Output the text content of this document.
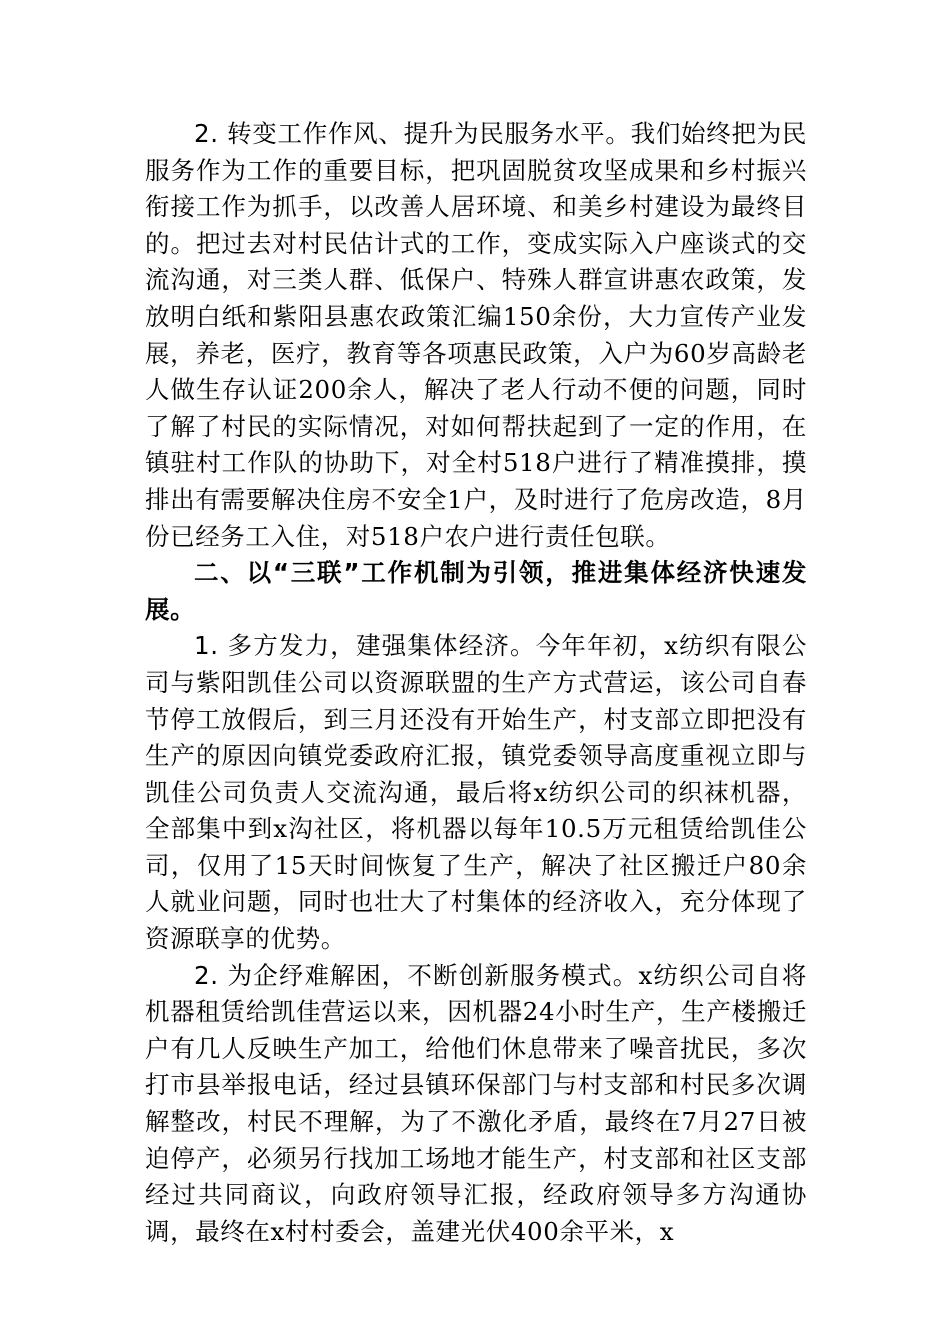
2. 转变工作作风、提升为民服务水平。我们始终把为民服务作为工作的重要目标，把巩固脱贫攻坚成果和乡村振兴衔接工作为抓手，以改善人居环境、和美乡村建设为最终目的。把过去对村民估计式的工作，变成实际入户座谈式的交流沟通，对三类人群、低保户、特殊人群宣讲惠农政策，发放明白纸和紫阳县惠农政策汇编150余份，大力宣传产业发展，养老，医疗，教育等各项惠民政策，入户为60岁高龄老人做生存认证200余人，解决了老人行动不便的问题，同时了解了村民的实际情况，对如何帮扶起到了一定的作用，在镇驻村工作队的协助下，对全村518户进行了精准摸排，摸排出有需要解决住房不安全1户，及时进行了危房改造，8月份已经务工入住，对518户农户进行责任包联。

二、以“三联”工作机制为引领，推进集体经济快速发展。

1. 多方发力，建强集体经济。今年年初，x纺织有限公司与紫阳凯佳公司以资源联盟的生产方式营运，该公司自春节停工放假后，到三月还没有开始生产，村支部立即把没有生产的原因向镇党委政府汇报，镇党委领导高度重视立即与凯佳公司负责人交流沟通，最后将x纺织公司的织袜机器，全部集中到x沟社区，将机器以每年10.5万元租赁给凯佳公司，仅用了15天时间恢复了生产，解决了社区搬迁户80余人就业问题，同时也壮大了村集体的经济收入，充分体现了资源联享的优势。

2. 为企纾难解困，不断创新服务模式。x纺织公司自将机器租赁给凯佳营运以来，因机器24小时生产，生产楼搬迁户有几人反映生产加工，给他们休息带来了噪音扰民，多次打市县举报电话，经过县镇环保部门与村支部和村民多次调解整改，村民不理解，为了不激化矛盾，最终在7月27日被迫停产，必须另行找加工场地才能生产，村支部和社区支部经过共同商议，向政府领导汇报，经政府领导多方沟通协调，最终在x村村委会，盖建光伏400余平米，x
